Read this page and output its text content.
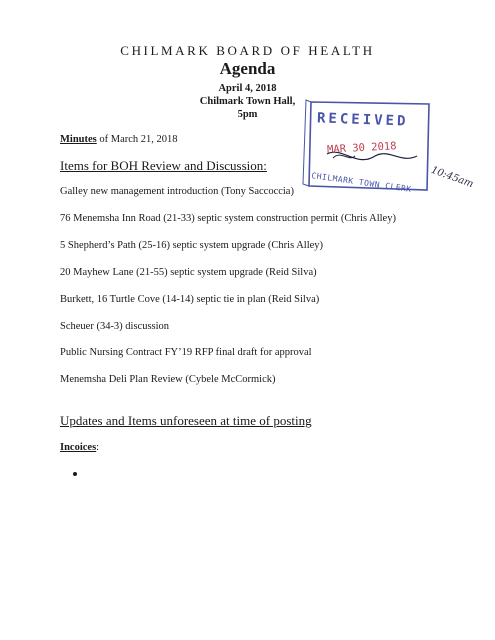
CHILMARK BOARD OF HEALTH
Agenda
April 4, 2018
Chilmark Town Hall,
5pm	RECEIVED
MAR 30 2018
CHILMARK TOWN CLERK 10:45am
Minutes of March 21, 2018
Items for BOH Review and Discussion:
Galley new management introduction (Tony Saccoccia)
76 Menemsha Inn Road (21-33) septic system construction permit (Chris Alley)
5 Shepherd’s Path (25-16) septic system upgrade (Chris Alley)
20 Mayhew Lane (21-55) septic system upgrade (Reid Silva)
Burkett, 16 Turtle Cove (14-14) septic tie in plan (Reid Silva)
Scheuer (34-3) discussion
Public Nursing Contract FY’19 RFP final draft for approval
Menemsha Deli Plan Review (Cybele McCormick)
Updates and Items unforeseen at time of posting
Incoices:
